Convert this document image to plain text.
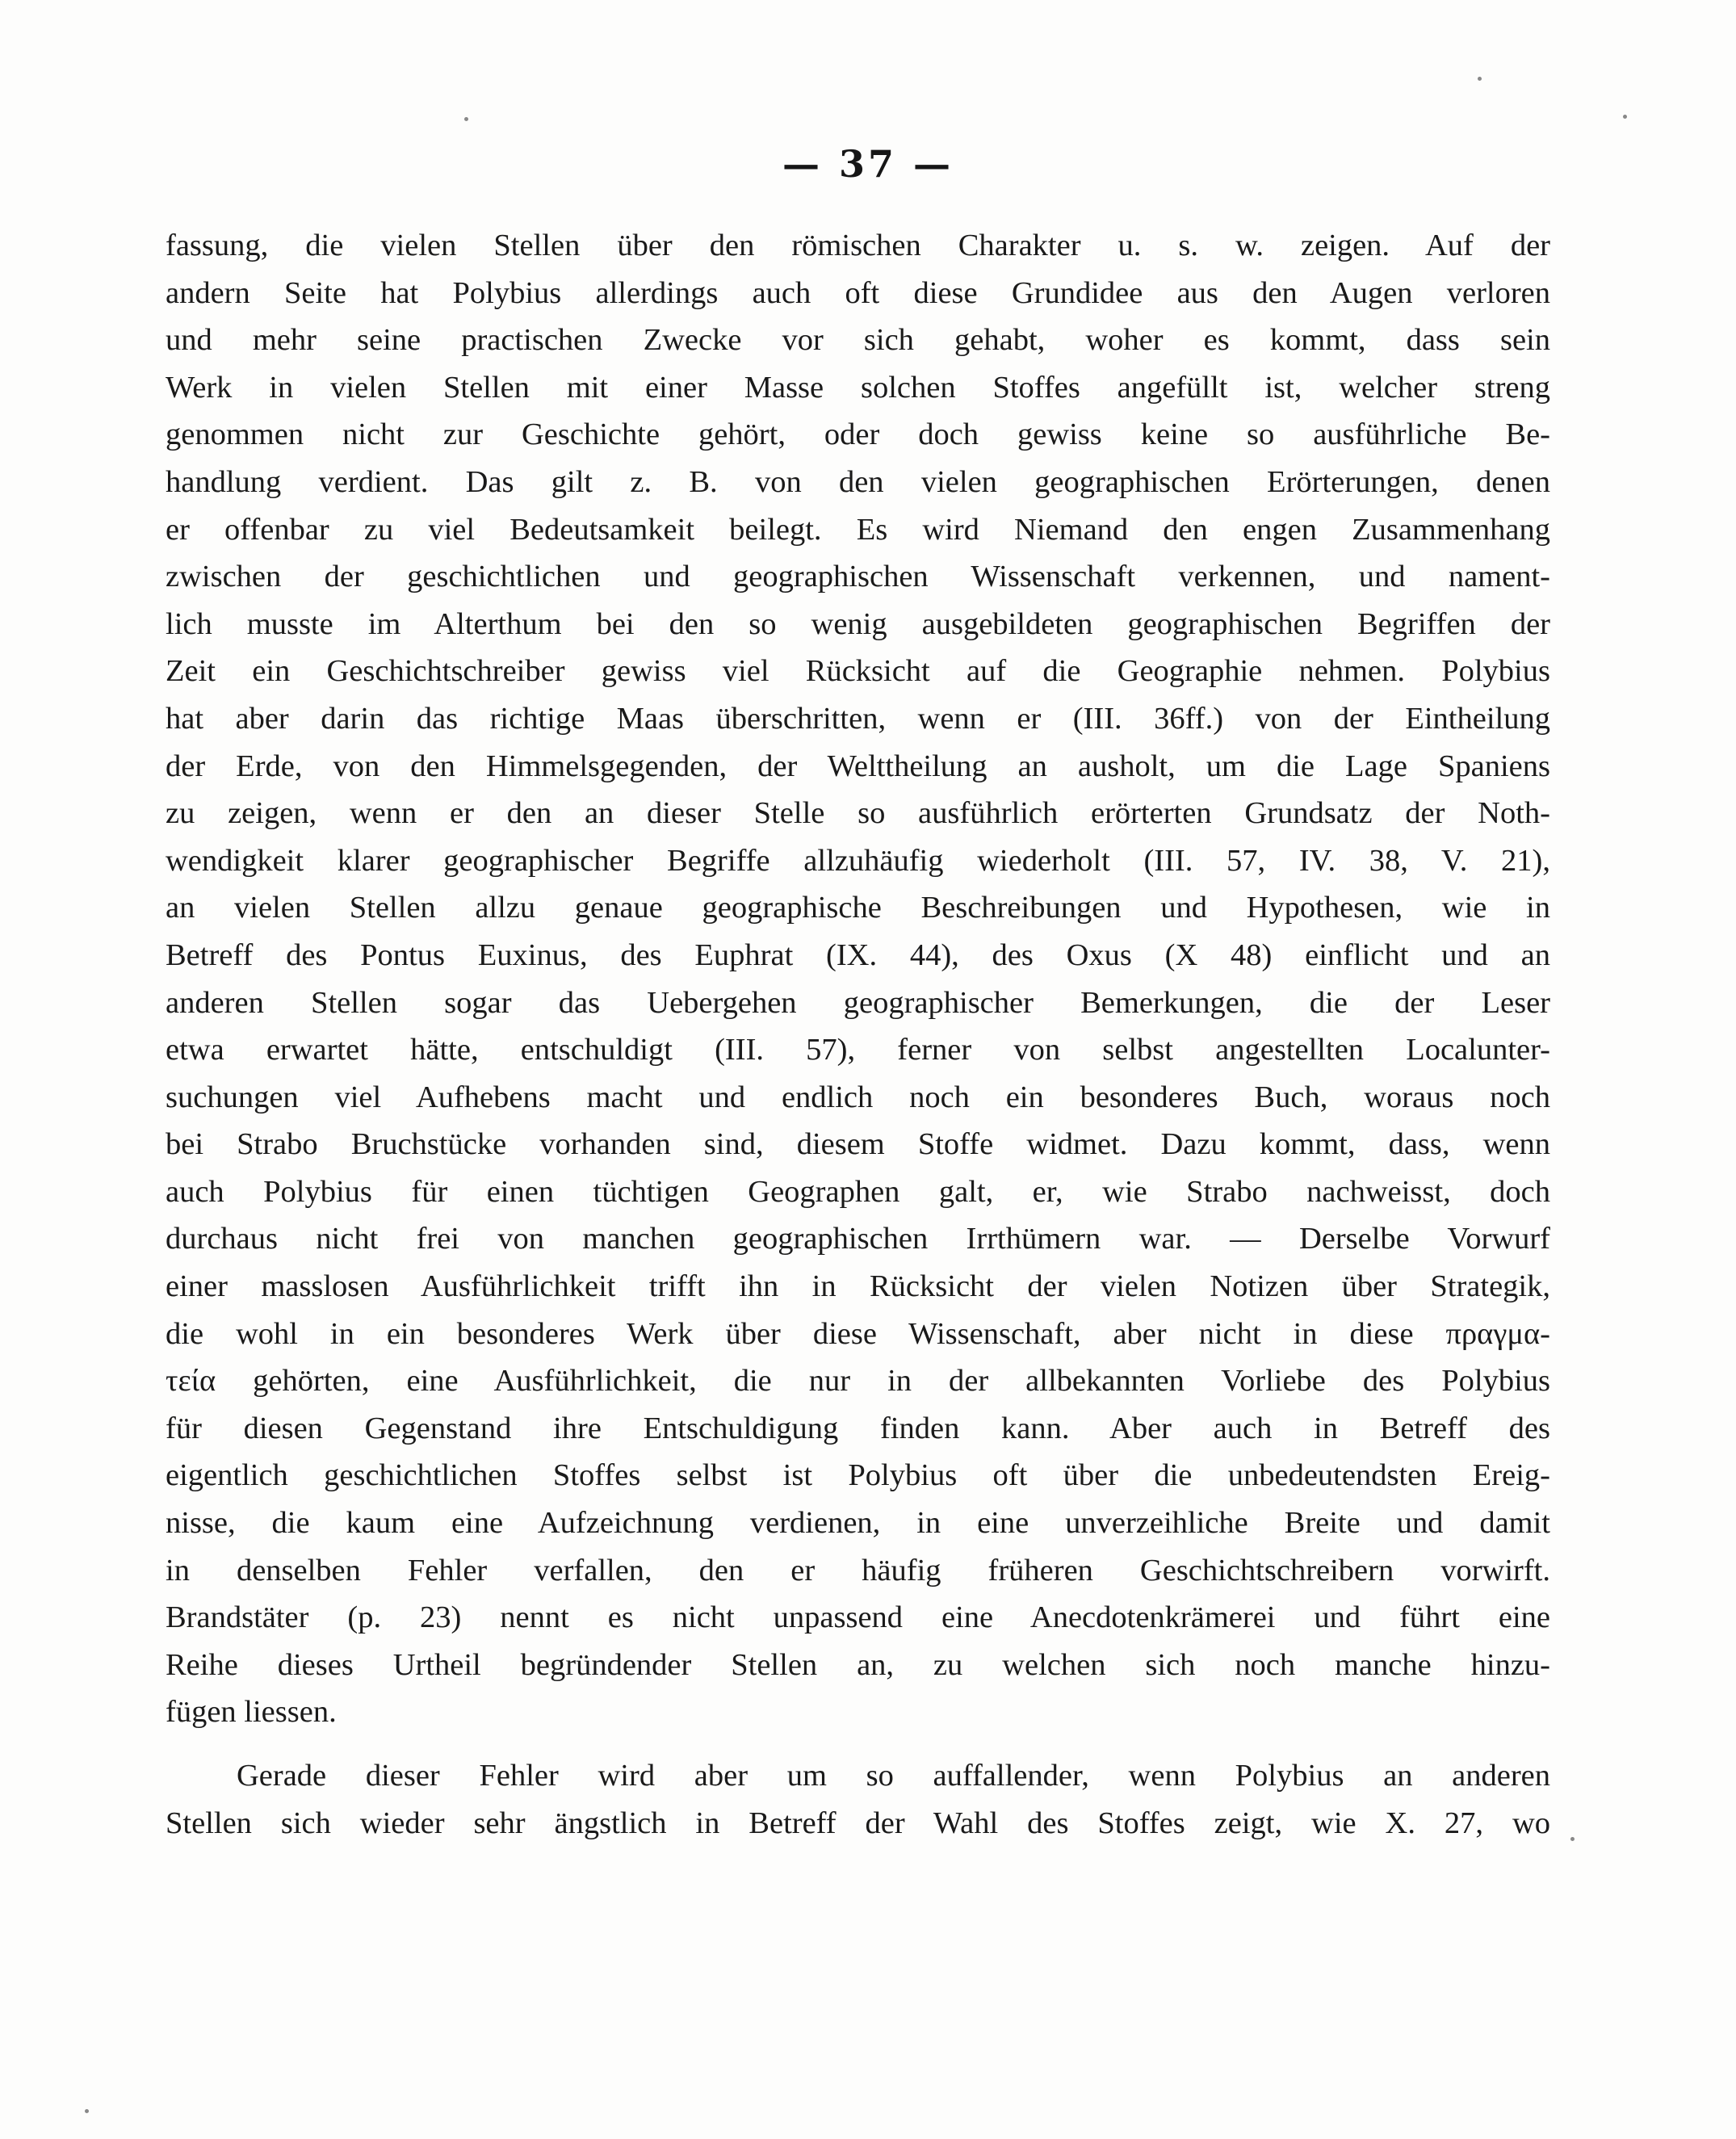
— 37 —
fassung, die vielen Stellen über den römischen Charakter u. s. w. zeigen. Auf der
andern Seite hat Polybius allerdings auch oft diese Grundidee aus den Augen verloren
und mehr seine practischen Zwecke vor sich gehabt, woher es kommt, dass sein
Werk in vielen Stellen mit einer Masse solchen Stoffes angefüllt ist, welcher streng
genommen nicht zur Geschichte gehört, oder doch gewiss keine so ausführliche Be-
handlung verdient. Das gilt z. B. von den vielen geographischen Erörterungen, denen
er offenbar zu viel Bedeutsamkeit beilegt. Es wird Niemand den engen Zusammenhang
zwischen der geschichtlichen und geographischen Wissenschaft verkennen, und nament-
lich musste im Alterthum bei den so wenig ausgebildeten geographischen Begriffen der
Zeit ein Geschichtschreiber gewiss viel Rücksicht auf die Geographie nehmen. Polybius
hat aber darin das richtige Maas überschritten, wenn er (III. 36ff.) von der Eintheilung
der Erde, von den Himmelsgegenden, der Welttheilung an ausholt, um die Lage Spaniens
zu zeigen, wenn er den an dieser Stelle so ausführlich erörterten Grundsatz der Noth-
wendigkeit klarer geographischer Begriffe allzuhäufig wiederholt (III. 57, IV. 38, V. 21),
an vielen Stellen allzu genaue geographische Beschreibungen und Hypothesen, wie in
Betreff des Pontus Euxinus, des Euphrat (IX. 44), des Oxus (X 48) einflicht und an
anderen Stellen sogar das Uebergehen geographischer Bemerkungen, die der Leser
etwa erwartet hätte, entschuldigt (III. 57), ferner von selbst angestellten Localunter-
suchungen viel Aufhebens macht und endlich noch ein besonderes Buch, woraus noch
bei Strabo Bruchstücke vorhanden sind, diesem Stoffe widmet. Dazu kommt, dass, wenn
auch Polybius für einen tüchtigen Geographen galt, er, wie Strabo nachweisst, doch
durchaus nicht frei von manchen geographischen Irrthümern war. — Derselbe Vorwurf
einer masslosen Ausführlichkeit trifft ihn in Rücksicht der vielen Notizen über Strategik,
die wohl in ein besonderes Werk über diese Wissenschaft, aber nicht in diese πραγμα-
τεία gehörten, eine Ausführlichkeit, die nur in der allbekannten Vorliebe des Polybius
für diesen Gegenstand ihre Entschuldigung finden kann. Aber auch in Betreff des
eigentlich geschichtlichen Stoffes selbst ist Polybius oft über die unbedeutendsten Ereig-
nisse, die kaum eine Aufzeichnung verdienen, in eine unverzeihliche Breite und damit
in denselben Fehler verfallen, den er häufig früheren Geschichtschreibern vorwirft.
Brandstäter (p. 23) nennt es nicht unpassend eine Anecdotenkrämerei und führt eine
Reihe dieses Urtheil begründender Stellen an, zu welchen sich noch manche hinzu-
fügen liessen.
Gerade dieser Fehler wird aber um so auffallender, wenn Polybius an anderen
Stellen sich wieder sehr ängstlich in Betreff der Wahl des Stoffes zeigt, wie X. 27, wo
